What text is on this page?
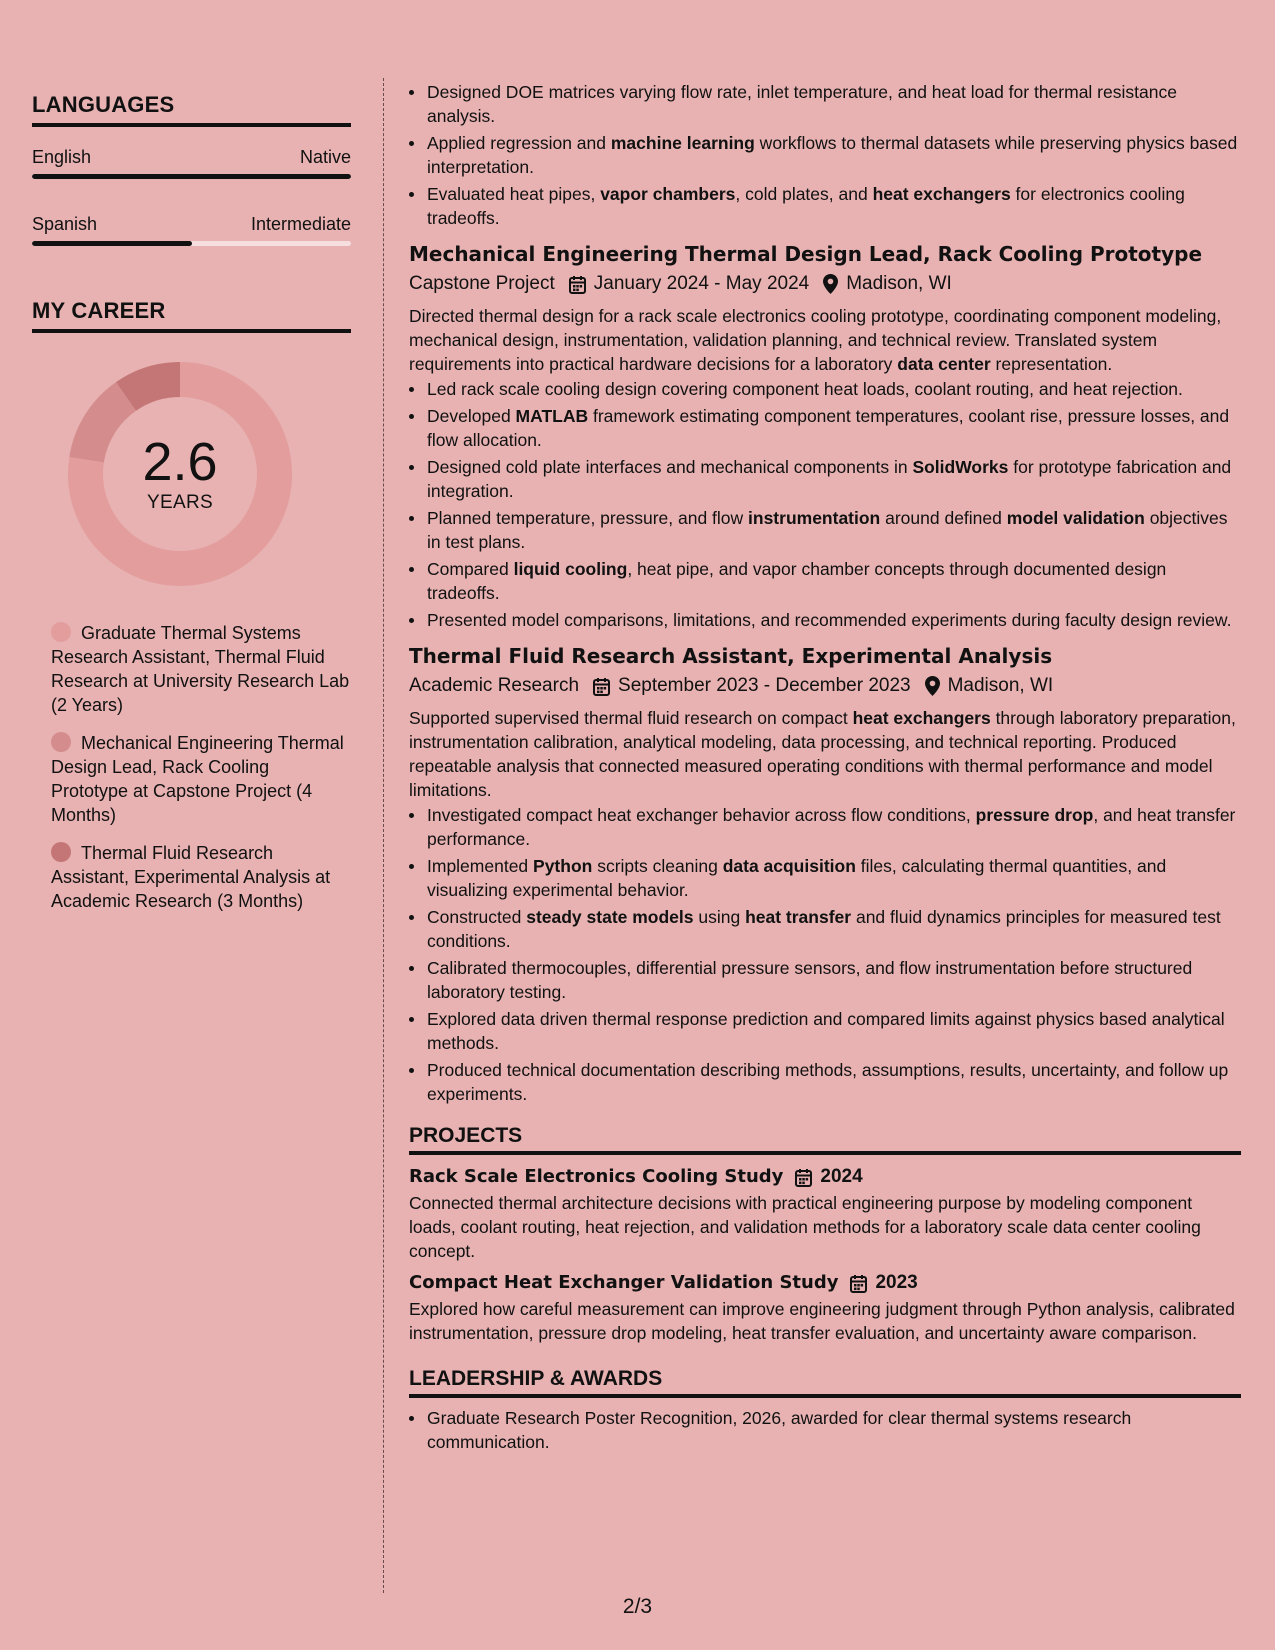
LANGUAGES
English	Native
Spanish	Intermediate
MY CAREER
2.6
YEARS
Graduate Thermal Systems Research Assistant, Thermal Fluid Research at University Research Lab (2 Years)
Mechanical Engineering Thermal Design Lead, Rack Cooling Prototype at Capstone Project (4 Months)
Thermal Fluid Research Assistant, Experimental Analysis at Academic Research (3 Months)
Designed DOE matrices varying flow rate, inlet temperature, and heat load for thermal resistance analysis.
Applied regression and machine learning workflows to thermal datasets while preserving physics based interpretation.
Evaluated heat pipes, vapor chambers, cold plates, and heat exchangers for electronics cooling tradeoffs.
Mechanical Engineering Thermal Design Lead, Rack Cooling Prototype
Capstone Project January 2024 - May 2024 Madison, WI
Directed thermal design for a rack scale electronics cooling prototype, coordinating component modeling, mechanical design, instrumentation, validation planning, and technical review. Translated system requirements into practical hardware decisions for a laboratory data center representation.
Led rack scale cooling design covering component heat loads, coolant routing, and heat rejection.
Developed MATLAB framework estimating component temperatures, coolant rise, pressure losses, and flow allocation.
Designed cold plate interfaces and mechanical components in SolidWorks for prototype fabrication and integration.
Planned temperature, pressure, and flow instrumentation around defined model validation objectives in test plans.
Compared liquid cooling, heat pipe, and vapor chamber concepts through documented design tradeoffs.
Presented model comparisons, limitations, and recommended experiments during faculty design review.
Thermal Fluid Research Assistant, Experimental Analysis
Academic Research September 2023 - December 2023 Madison, WI
Supported supervised thermal fluid research on compact heat exchangers through laboratory preparation, instrumentation calibration, analytical modeling, data processing, and technical reporting. Produced repeatable analysis that connected measured operating conditions with thermal performance and model limitations.
Investigated compact heat exchanger behavior across flow conditions, pressure drop, and heat transfer performance.
Implemented Python scripts cleaning data acquisition files, calculating thermal quantities, and visualizing experimental behavior.
Constructed steady state models using heat transfer and fluid dynamics principles for measured test conditions.
Calibrated thermocouples, differential pressure sensors, and flow instrumentation before structured laboratory testing.
Explored data driven thermal response prediction and compared limits against physics based analytical methods.
Produced technical documentation describing methods, assumptions, results, uncertainty, and follow up experiments.
PROJECTS
Rack Scale Electronics Cooling Study 2024
Connected thermal architecture decisions with practical engineering purpose by modeling component loads, coolant routing, heat rejection, and validation methods for a laboratory scale data center cooling concept.
Compact Heat Exchanger Validation Study 2023
Explored how careful measurement can improve engineering judgment through Python analysis, calibrated instrumentation, pressure drop modeling, heat transfer evaluation, and uncertainty aware comparison.
LEADERSHIP & AWARDS
Graduate Research Poster Recognition, 2026, awarded for clear thermal systems research communication.
2/3
